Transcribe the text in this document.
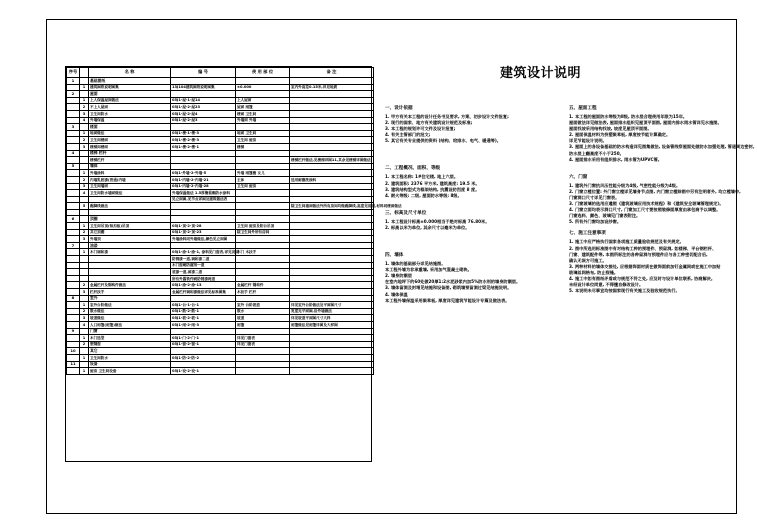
序号		名 称	编 号	使 用 部 位	备 注
1		基础图纸			
	1	建筑图纸说明图集	13J104建筑图纸说明图集	±0.000	室内外高差0.15米,详见地质
2		屋面			
	1	上人保温屋面做法	05J1-屋-1-屋14	上人屋面	
	2	不上人屋面	05J1-屋-2-屋23	屋面 雨篷	
	3	卫生间防水	05J1-屋-2-屋4	楼面 卫生间	
	4	外墙保温	05J1-屋-2-屋3	外墙面 外墙	
3		楼面			
	1	地面做法	05J1-楼-1-楼-3	地面 卫生间	
	2	卫生间楼面	05J1-楼-2-楼-3	卫生间 厨房	
	3	楼梯间楼面	05J1-楼-2-楼-1	楼梯	
4		楼梯 栏杆			
		楼梯栏杆			楼梯栏杆做法,见楼梯详图11,其余见楼梯详图做法
5		墙体			
	1	外墙涂料	05J1-外墙-2-外墙-5	外墙 雨篷檐 女儿	
	2	内墙乳胶漆(普通)内墙	05J1-内墙-2-内墙-21	主体	选用耐擦洗涂料
	3	卫生间墙面	05J1-内墙-2-内墙-28	卫生间 厨房	
	4	卫生间防水墙面做法	外墙保温做法 1.5厚聚氨酯防水涂料		
			见立面图,见节点详图及建筑做法表		
	5	踢脚线做法			除卫生间墙面做法外所有房间均做踢脚线,高度见说明,材料同楼面做法

6		顶棚			
	1	卫生间吊顶(铝扣板)吊顶	05J1-顶-2-顶-28	卫生间 厨房及阳台吊顶	
	2	其它顶棚	05J1-顶-2-顶-23	除卫生间外所有房间	
	3	外墙顶	外墙涂料同外墙做法,颜色见立面图		
7		油漆			
	1	木门调和漆	05J1-涂-1-涂-1, 涂料见门窗表,详见说明	木门 木扶手	
			防锈漆一道,调和漆二道		
			木门窗刷防腐剂一道		
			底漆一道,面漆二道		
			所有外露铁件刷防锈漆两道		
	2	金属栏杆及钢构件做法	05J1-涂-2-涂-13	金属栏杆 钢构件	
	3	栏杆扶手	金属栏杆调和漆做法详见标准图集	木扶手 栏杆	
8		室外			
	1	室外台阶做法	05J1-台-1-台-1	室外 台阶坡道	详见室外台阶做法及平面图尺寸
	2	散水做法	05J1-散-2-散-1	散水	宽度见平面图,沿外墙做法
	3	坡道做法	05J1-坡-2-坡-1	坡道	详见坡道平面图尺寸大样
	4	入口雨篷(雨篷)做法	05J1-雨-2-雨-3	雨篷	雨篷做法见雨篷详图及大样图
9		门窗			
	1	木门选型	05J1-门-2-门-1	详见门窗表	
	2	塑钢窗	05J1-窗-2-窗-1	详见门窗表	
10		其它			
	1	卫生间防水	05J1-防-2-防-2		
11		设备			
	1	厨房 卫生间设备	05J1-设-2-设-1		
建筑设计说明
一、设计依据
1. 甲方有关本工程的设计任务书及要求, 方案、初步设计文件批复;
2. 现行的国家、地方有关建筑设计规范及标准;
3. 本工程的规划许可文件及设计批复;
4. 有关主管部门的批文;
5. 其它有关专业提供的资料 (结构、给排水、电气、暖通等)。
二、工程概况、面积、等级
1. 本工程名称: 1#住宅楼, 地上六层。
2. 建筑面积: 2376 平方米, 建筑高度: 19.5 米。
3. 建筑结构型式为框架结构, 抗震设防烈度 8 度。
4. 耐火等级: 二级, 屋面防水等级: Ⅱ级。
三、标高及尺寸单位
1. 本工程设计标高±0.000相当于绝对标高 76.80米。
2. 标高以米为单位, 其余尺寸以毫米为单位。
四、墙体
1. 墙体的基础部分详见结施图。
本工程外墙为非承重墙, 采用加气混凝土砌块。
2. 墙身防潮层
在室内地坪下约60处做20厚1:2水泥砂浆内加5%防水剂的墙身防潮层。
3. 墙体留洞及封堵见结施和设备图, 砌筑墙预留洞过梁见结施说明。
4. 墙体保温
本工程外墙保温采用聚苯板, 厚度详见建筑节能设计专篇及做法表。
五、屋面工程
1. 本工程的屋面防水等级为Ⅱ级, 防水层合理使用年限为15年。
屋面做法详见做法表, 屋面排水组织见屋顶平面图, 屋面内排水雨水管详见水施图。
屋面找坡采用结构找坡, 坡度见屋顶平面图。
2. 屋面保温材料为挤塑聚苯板, 厚度按节能计算确定。
详见节能设计说明。
3. 屋面上的各设备基础的防水构造详见图集做法, 设备管线穿屋面处做防水加强处理, 管道周边密封。
防水层上翻高度不小于250。
4. 屋面排水采用有组织排水, 雨水管为UPVC管。
六、门窗
1. 建筑外门窗抗风压性能分级为4级, 气密性能分级为4级。
2. 门窗立樘位置: 外门窗立樘详见墙身节点图, 内门窗立樘除图中另有注明者外, 均立樘墙中,
门窗洞口尺寸详见门窗表。
3. 门窗玻璃的选用应遵照《建筑玻璃应用技术规程》和《建筑安全玻璃管理规定》。
4. 门窗立面均表示洞口尺寸, 门窗加工尺寸要按照装修面厚度由承包商予以调整。
门窗选料、颜色、玻璃见门窗表附注。
5. 所有外门窗均加设纱窗。
七、施工注意事项
1. 施工中应严格执行国家各项施工质量验收规范及有关规定。
2. 图中所选用标准图中有对结构工种的预埋件、预留洞, 如楼梯、平台钢栏杆、
门窗、建筑配件等, 本图所标注的各种留洞与预埋件应与各工种密切配合后,
确认无误方可施工。
3. 两种材料的墙体交接处, 应根据饰面材质在做饰面前加钉金属网或在施工中加贴
玻璃丝网格布, 防止裂缝。
4. 施工中如有图纸矛盾或与规范不符之处, 应及时与设计单位联系, 协商解决。
未经设计单位同意, 不得擅自修改设计。
5. 本说明未尽事宜均按国家现行有关施工及验收规范执行。
